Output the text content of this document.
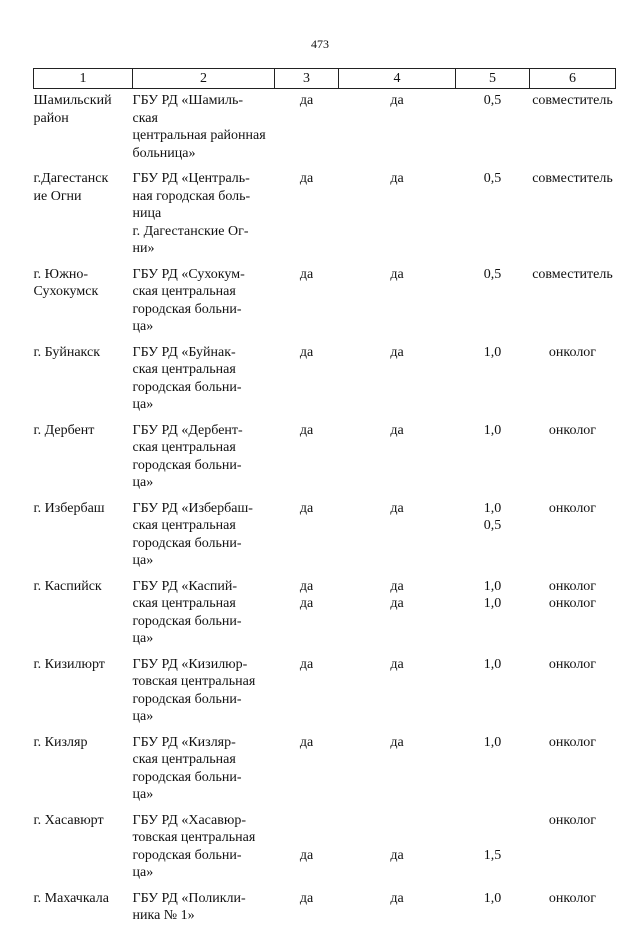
473
1	2	3	4	5	6

Шамильский
район	ГБУ РД «Шамиль-
ская
центральная районная
больница»	да	да	0,5	совместитель

г.Дагестанск
ие Огни	ГБУ РД «Централь-
ная городская боль-
ница
г. Дагестанские Ог-
ни»	да	да	0,5	совместитель

г. Южно-
Сухокумск	ГБУ РД «Сухокум-
ская центральная
городская больни-
ца»	да	да	0,5	совместитель

г. Буйнакск	ГБУ РД «Буйнак-
ская центральная
городская больни-
ца»	да	да	1,0	онколог

г. Дербент	ГБУ РД «Дербент-
ская центральная
городская больни-
ца»	да	да	1,0	онколог

г. Избербаш	ГБУ РД «Избербаш-
ская центральная
городская больни-
ца»	да	да	1,0
0,5	онколог

г. Каспийск	ГБУ РД «Каспий-
ская центральная
городская больни-
ца»	да
да	да
да	1,0
1,0	онколог
онколог

г. Кизилюрт	ГБУ РД «Кизилюр-
товская центральная
городская больни-
ца»	да	да	1,0	онколог

г. Кизляр	ГБУ РД «Кизляр-
ская центральная
городская больни-
ца»	да	да	1,0	онколог

г. Хасавюрт	ГБУ РД «Хасавюр-
товская центральная
городская больни-
ца»	да	да	1,5	онколог

г. Махачкала	ГБУ РД «Поликли-
ника № 1»	да	да	1,0	онколог
